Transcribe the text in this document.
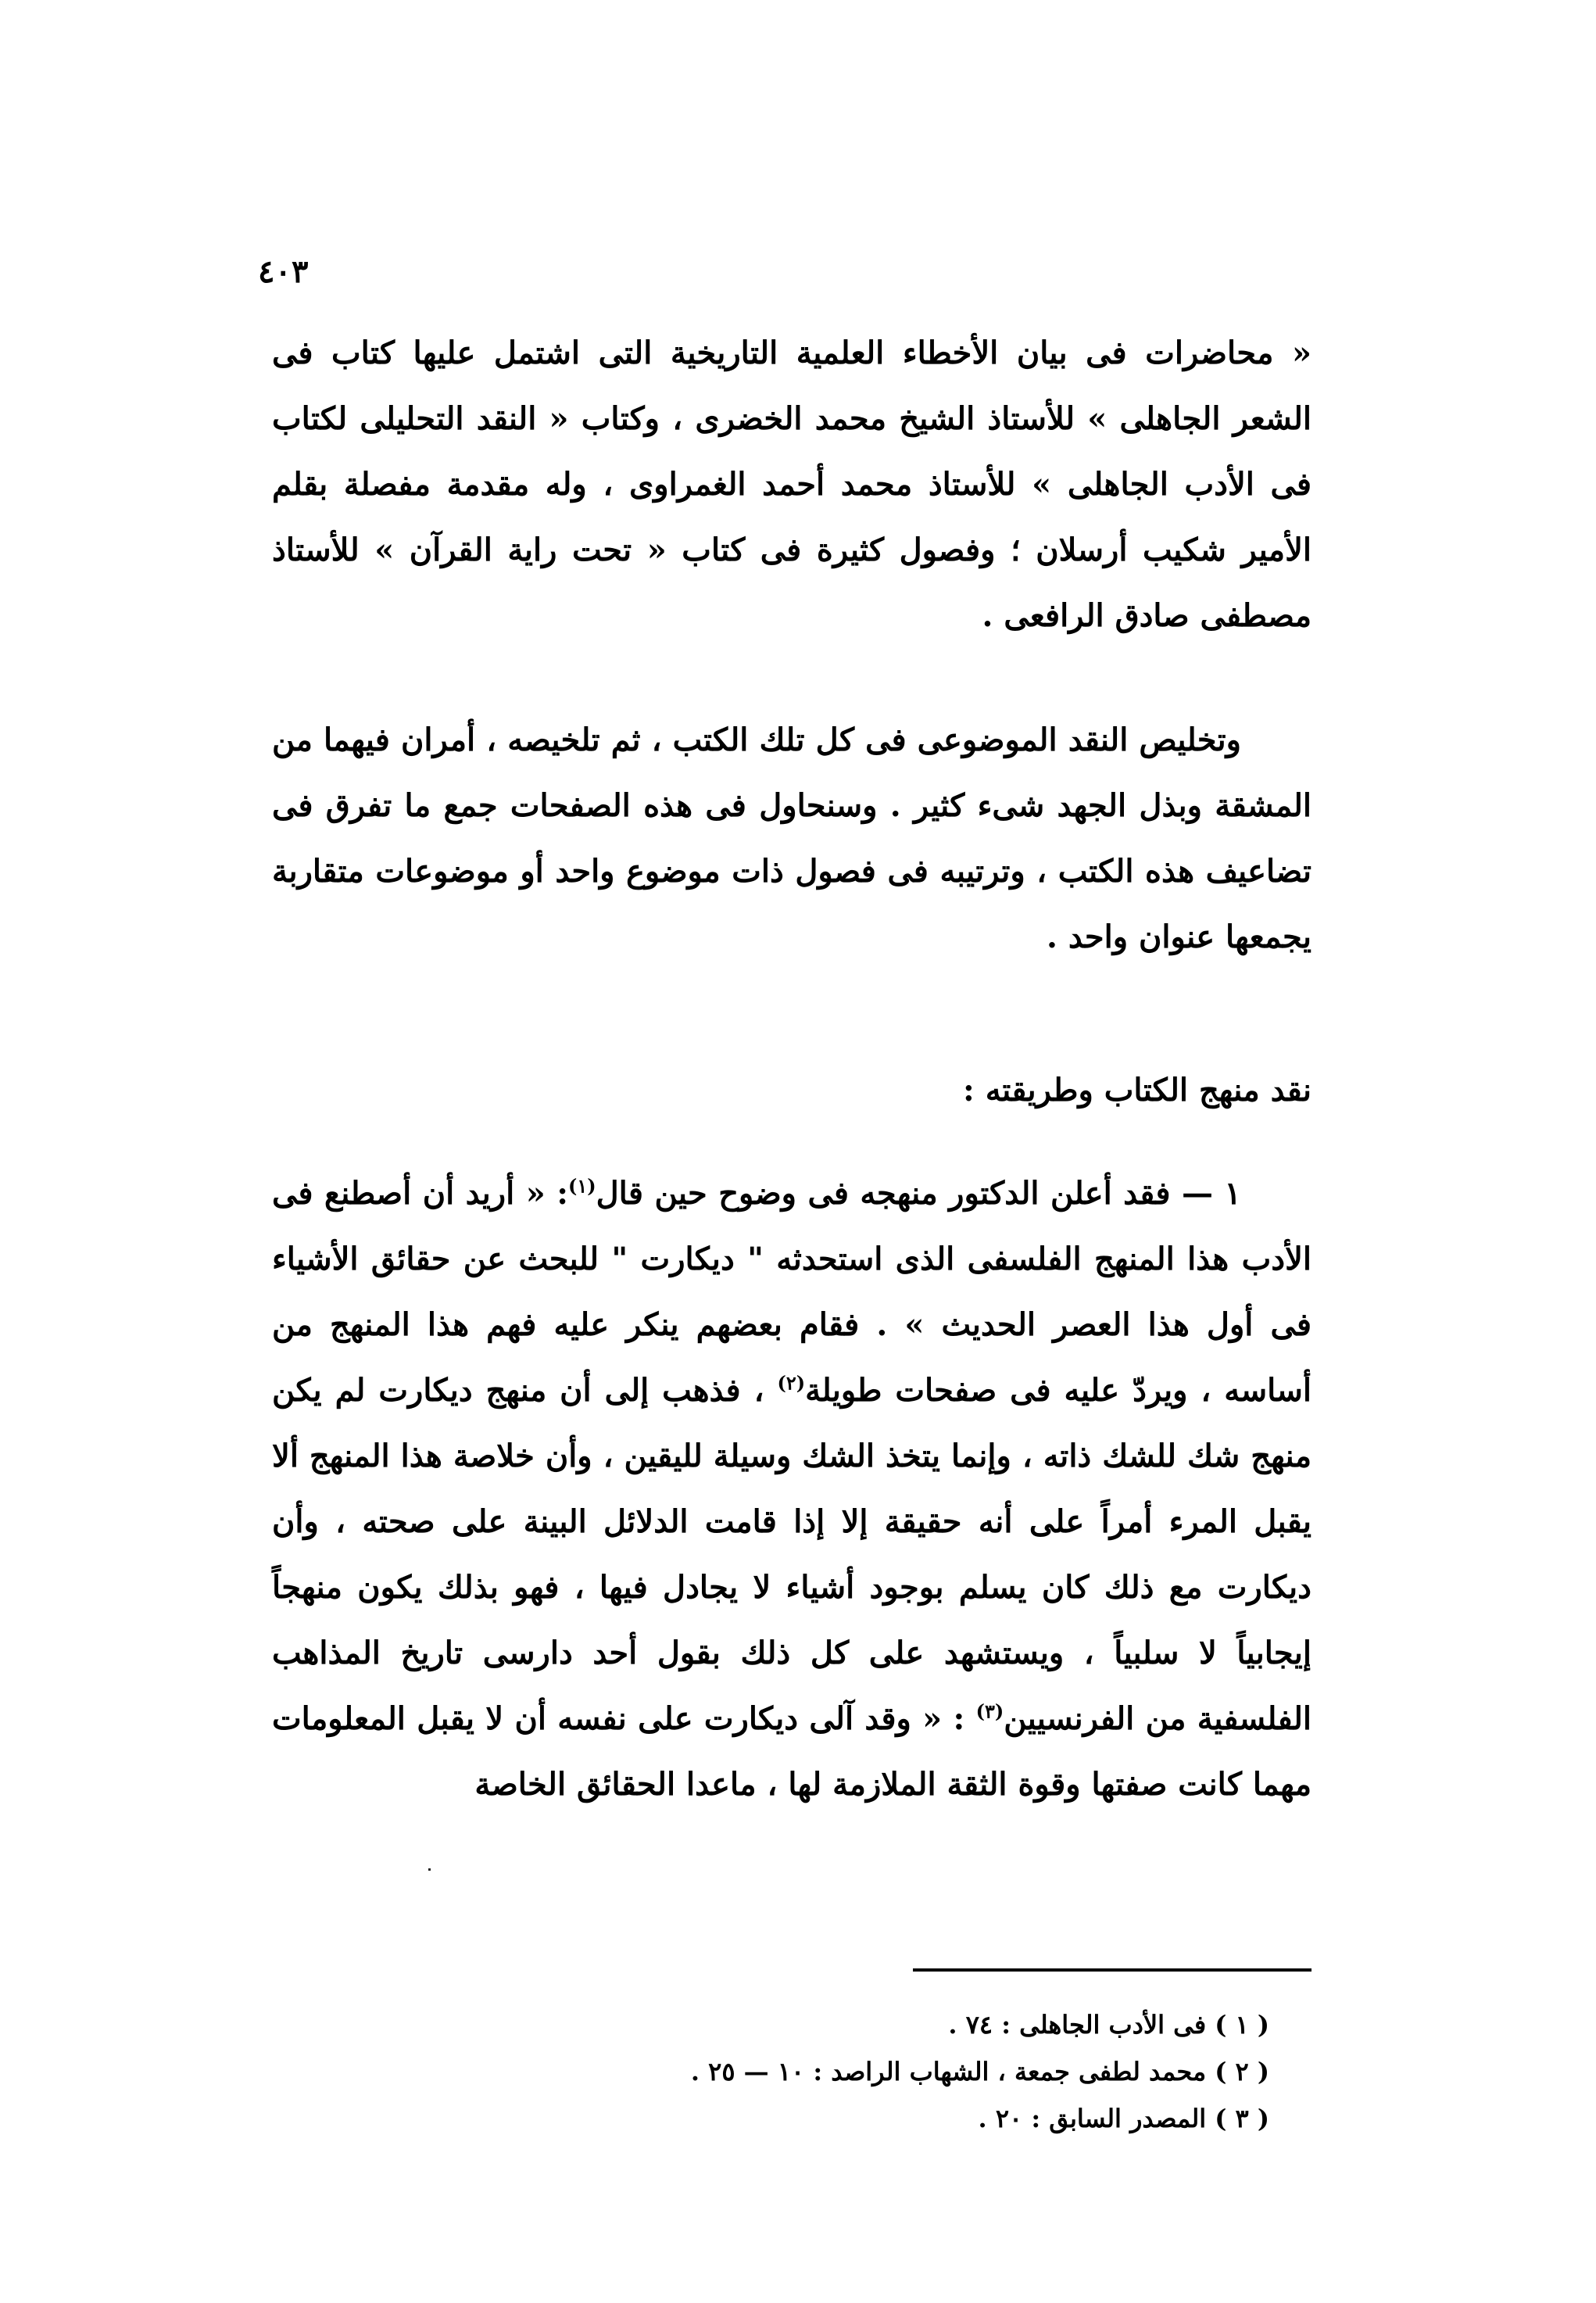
٤٠٣

« محاضرات فى بيان الأخطاء العلمية التاريخية التى اشتمل عليها كتاب فى الشعر الجاهلى » للأستاذ الشيخ محمد الخضرى ، وكتاب « النقد التحليلى لكتاب فى الأدب الجاهلى » للأستاذ محمد أحمد الغمراوى ، وله مقدمة مفصلة بقلم الأمير شكيب أرسلان ؛ وفصول كثيرة فى كتاب « تحت راية القرآن » للأستاذ مصطفى صادق الرافعى .

وتخليص النقد الموضوعى فى كل تلك الكتب ، ثم تلخيصه ، أمران فيهما من المشقة وبذل الجهد شىء كثير . وسنحاول فى هذه الصفحات جمع ما تفرق فى تضاعيف هذه الكتب ، وترتيبه فى فصول ذات موضوع واحد أو موضوعات متقاربة يجمعها عنوان واحد .

نقد منهج الكتاب وطريقته :

١ — فقد أعلن الدكتور منهجه فى وضوح حين قال$^{(١)}$: « أريد أن أصطنع فى الأدب هذا المنهج الفلسفى الذى استحدثه " ديكارت " للبحث عن حقائق الأشياء فى أول هذا العصر الحديث » . فقام بعضهم ينكر عليه فهم هذا المنهج من أساسه ، ويردّ عليه فى صفحات طويلة$^{(٢)}$ ، فذهب إلى أن منهج ديكارت لم يكن منهج شك للشك ذاته ، وإنما يتخذ الشك وسيلة لليقين ، وأن خلاصة هذا المنهج ألا يقبل المرء أمراً على أنه حقيقة إلا إذا قامت الدلائل البينة على صحته ، وأن ديكارت مع ذلك كان يسلم بوجود أشياء لا يجادل فيها ، فهو بذلك يكون منهجاً إيجابياً لا سلبياً ، ويستشهد على كل ذلك بقول أحد دارسى تاريخ المذاهب الفلسفية من الفرنسيين$^{(٣)}$ : « وقد آلى ديكارت على نفسه أن لا يقبل المعلومات مهما كانت صفتها وقوة الثقة الملازمة لها ، ماعدا الحقائق الخاصة

( ١ ) فى الأدب الجاهلى : ٧٤ .
( ٢ ) محمد لطفى جمعة ، الشهاب الراصد : ١٠ — ٢٥ .
( ٣ ) المصدر السابق : ٢٠ .
